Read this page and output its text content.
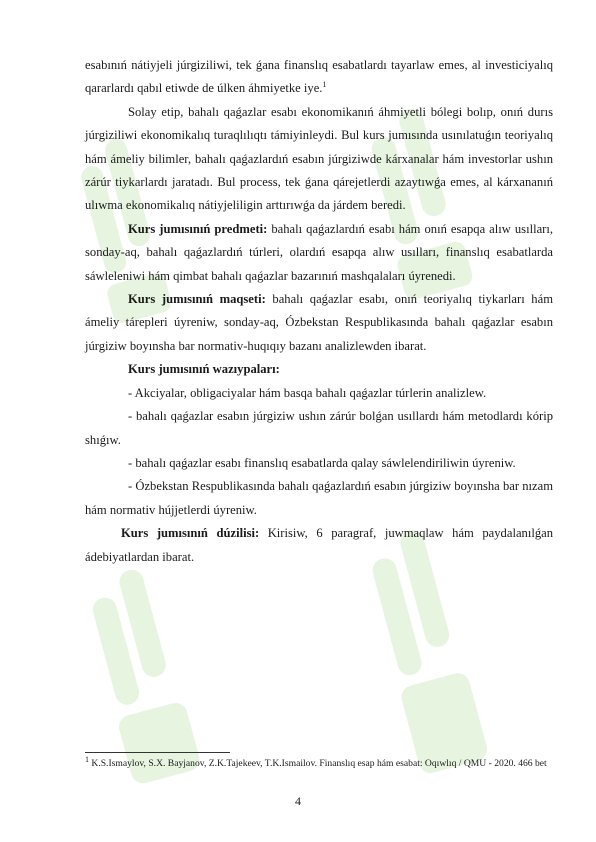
esabınıń nátiyjeli júrgiziliwi, tek ǵana finanslıq esabatlardı tayarlaw emes, al investiciyalıq qararlardı qabıl etiwde de úlken áhmiyetke iye.$^1$

Solay etip, bahalı qaǵazlar esabı ekonomikanıń áhmiyetli bólegi bolıp, onıń durıs júrgiziliwi ekonomikalıq turaqlılıqtı támiyinleydi. Bul kurs jumısında usınılatuǵın teoriyalıq hám ámeliy bilimler, bahalı qaǵazlardıń esabın júrgiziwde kárxanalar hám investorlar ushın zárúr tiykarlardı jaratadı. Bul process, tek ǵana qárejetlerdi azaytıwǵa emes, al kárxananıń ulıwma ekonomikalıq nátiyjeliligin arttırıwǵa da járdem beredi.

Kurs jumısınıń predmeti: bahalı qaǵazlardıń esabı hám onıń esapqa alıw usılları, sonday-aq, bahalı qaǵazlardıń túrleri, olardıń esapqa alıw usılları, finanslıq esabatlarda sáwleleniwi hám qimbat bahalı qaǵazlar bazarınıń mashqalaları úyrenedi.

Kurs jumısınıń maqseti: bahalı qaǵazlar esabı, onıń teoriyalıq tiykarları hám ámeliy tárepleri úyreniw, sonday-aq, Ózbekstan Respublikasında bahalı qaǵazlar esabın júrgiziw boyınsha bar normativ-huqıqıy bazanı analizlewden ibarat.

Kurs jumısınıń wazıypaları:

- Akciyalar, obligaciyalar hám basqa bahalı qaǵazlar túrlerin analizlew.

- bahalı qaǵazlar esabın júrgiziw ushın zárúr bolǵan usıllardı hám metodlardı kórip shıǵıw.

- bahalı qaǵazlar esabı finanslıq esabatlarda qalay sáwlelendiriliwin úyreniw.

- Ózbekstan Respublikasında bahalı qaǵazlardıń esabın júrgiziw boyınsha bar nızam hám normativ hújjetlerdi úyreniw.

Kurs jumısınıń dúzilisi: Kirisiw, 6 paragraf, juwmaqlaw hám paydalanılǵan ádebiyatlardan ibarat.

$^1$ K.S.Ismaylov, S.X. Bayjanov, Z.K.Tajekeev, T.K.Ismailov. Finanslıq esap hám esabat: Oqıwlıq / QMU - 2020. 466 bet
4
